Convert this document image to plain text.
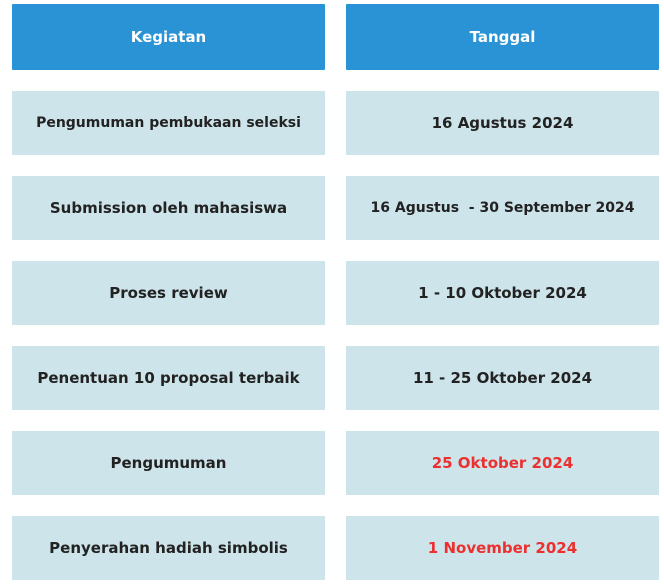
Kegiatan	Tanggal
Pengumuman pembukaan seleksi	16 Agustus 2024
Submission oleh mahasiswa	16 Agustus  - 30 September 2024
Proses review	1 - 10 Oktober 2024
Penentuan 10 proposal terbaik	11 - 25 Oktober 2024
Pengumuman	25 Oktober 2024
Penyerahan hadiah simbolis	1 November 2024
